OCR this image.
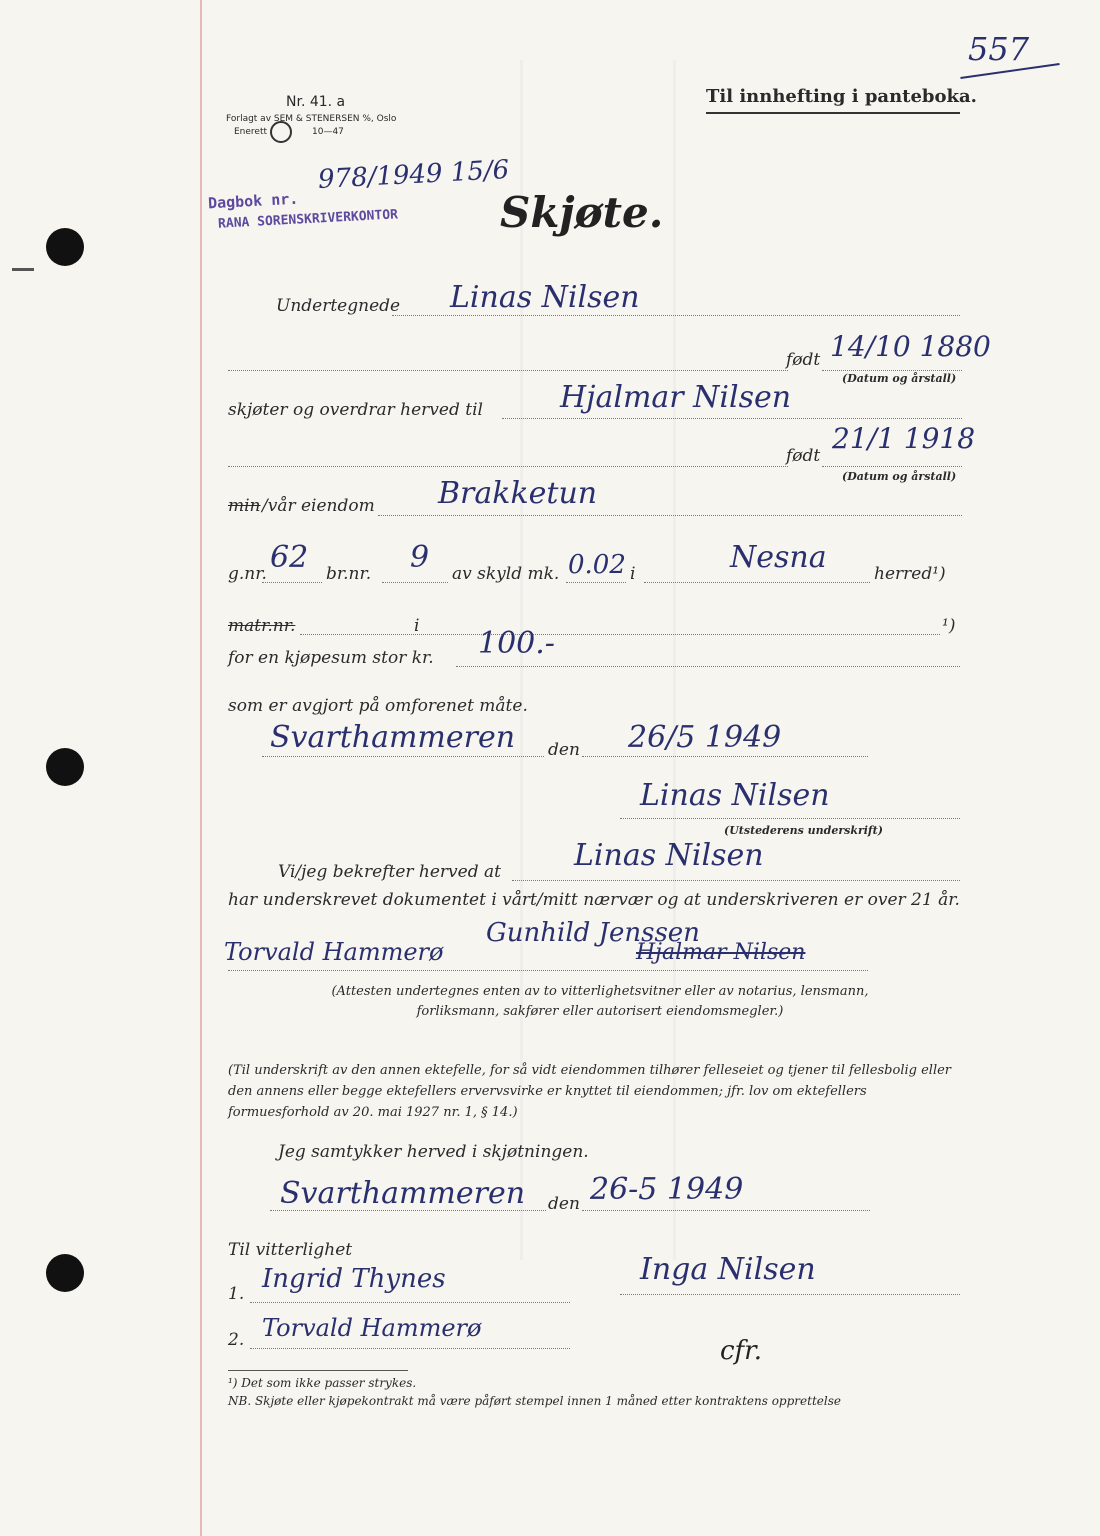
557
Nr. 41. a
Forlagt av SEM & STENERSEN %, Oslo
Enerett	10—47
Til innhefting i panteboka.
Dagbok nr.
978/1949 15/6
RANA SORENSKRIVERKONTOR Skjøte.
Undertegnede Linas Nilsen
født 14/10 1880
(Datum og årstall)
skjøter og overdrar herved til	Hjalmar Nilsen
født
21/1 1918
(Datum og årstall)
min /vår eiendom Brakketun
g.nr. 62 br.nr. 9 av skyld mk. 0.02 i	Nesna	herred¹)
matr.nr.	i	¹)
for en kjøpesum stor kr. 100.-
som er avgjort på omforenet måte.
Svarthammeren den 26/5 1949
Linas Nilsen
(Utstederens underskrift)
Vi/jeg bekrefter herved at Linas Nilsen
har underskrevet dokumentet i vårt/mitt nærvær og at underskriveren er over 21 år.
Torvald Hammerø
Gunhild Jenssen
Hjalmar Nilsen
(Attesten undertegnes enten av to vitterlighetsvitner eller av notarius, lensmann, forliksmann, sakfører eller autorisert eiendomsmegler.)
(Til underskrift av den annen ektefelle, for så vidt eiendommen tilhører felleseiet og tjener til fellesbolig eller den annens eller begge ektefellers ervervsvirke er knyttet til eiendommen; jfr. lov om ektefellers formuesforhold av 20. mai 1927 nr. 1, § 14.)
Jeg samtykker herved i skjøtningen.
Svarthammeren den 26-5 1949
Til vitterlighet
1. Ingrid Thynes	Inga Nilsen
2. Torvald Hammerø
cfr.
¹) Det som ikke passer strykes.
NB. Skjøte eller kjøpekontrakt må være påført stempel innen 1 måned etter kontraktens opprettelse
